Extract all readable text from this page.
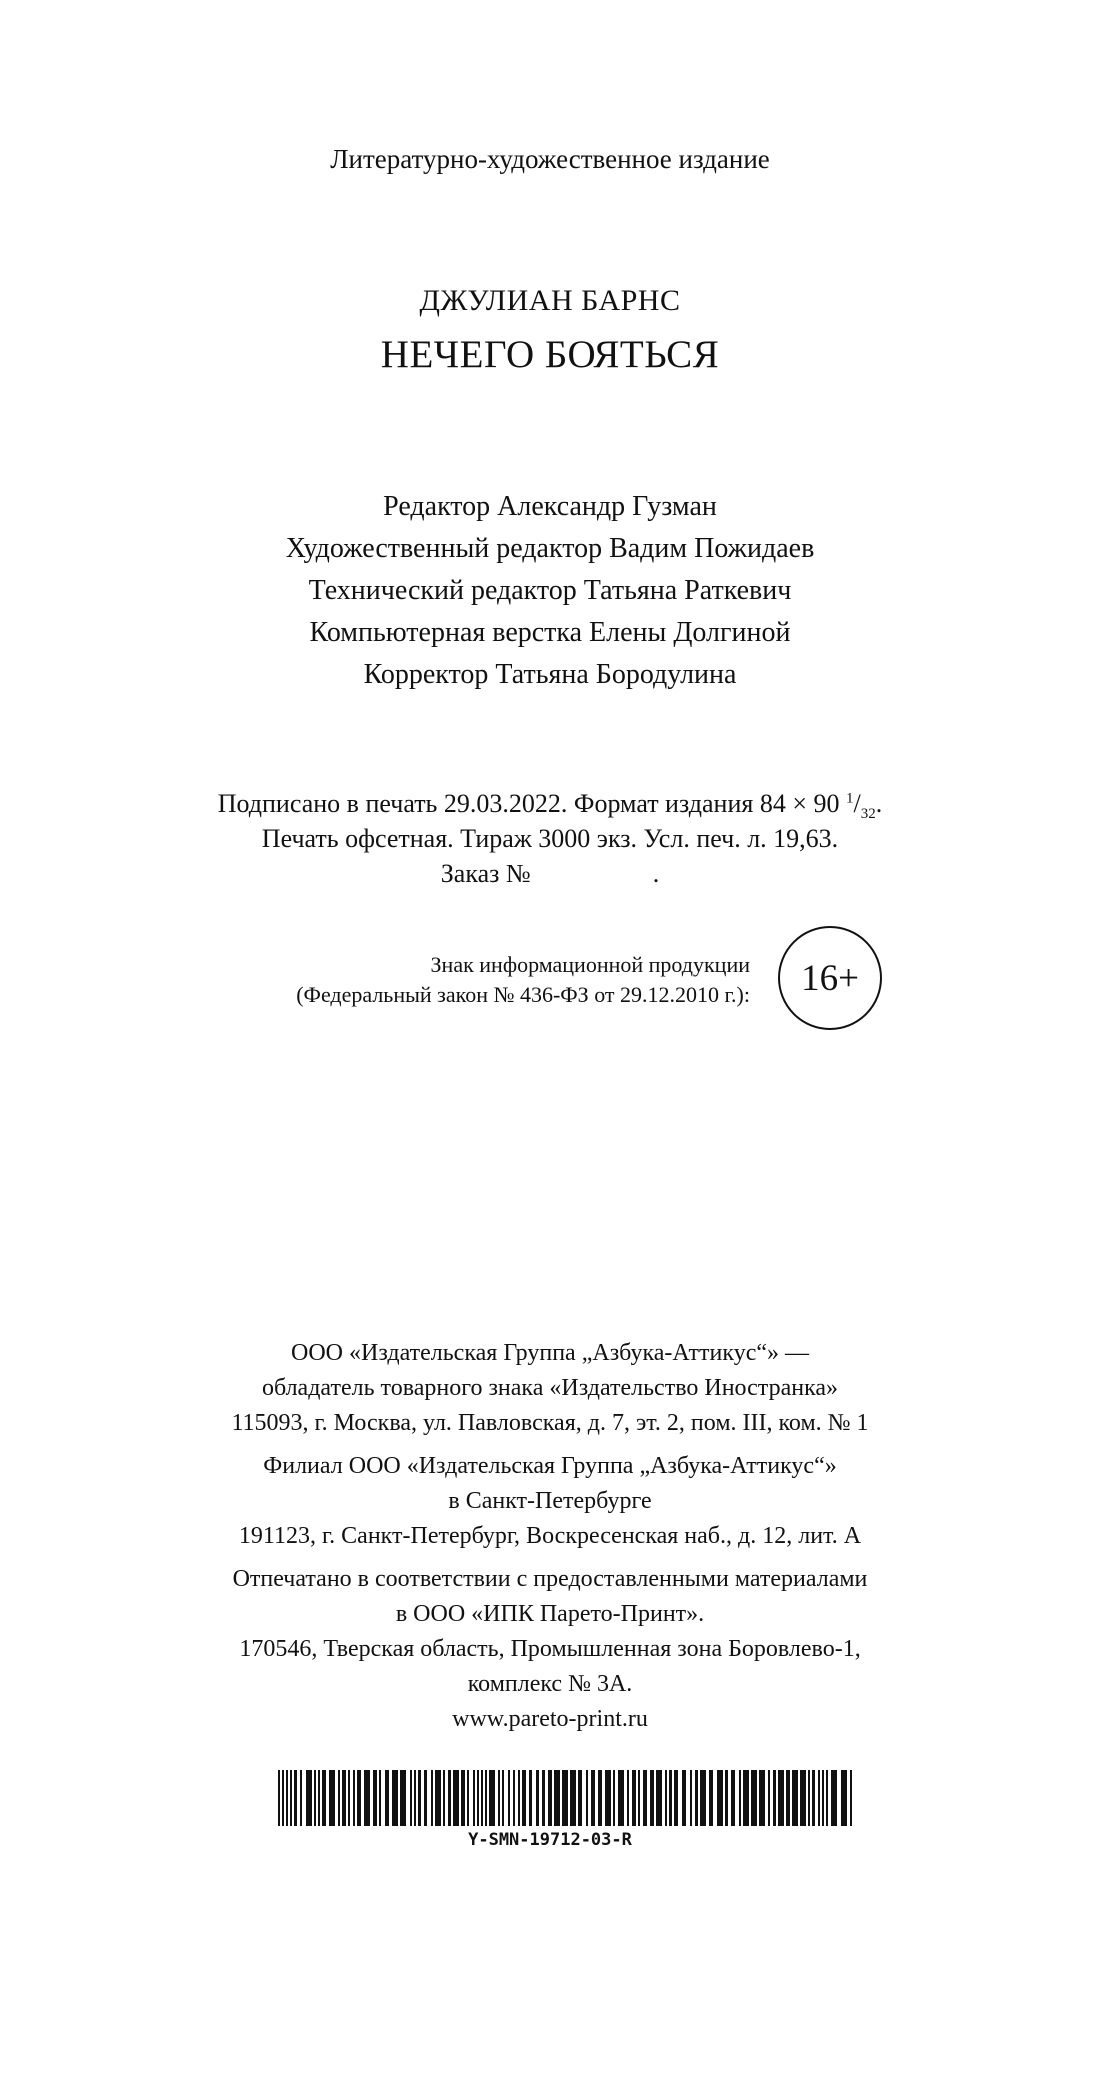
Литературно-художественное издание
ДЖУЛИАН БАРНС
НЕЧЕГО БОЯТЬСЯ
Редактор Александр Гузман
Художественный редактор Вадим Пожидаев
Технический редактор Татьяна Раткевич
Компьютерная верстка Елены Долгиной
Корректор Татьяна Бородулина
Подписано в печать 29.03.2022. Формат издания 84 × 90 $^1/_{32}$.
Печать офсетная. Тираж 3000 экз. Усл. печ. л. 19,63.
Заказ №	.
Знак информационной продукции
(Федеральный закон № 436-ФЗ от 29.12.2010 г.): 16+
ООО «Издательская Группа „Азбука-Аттикус“» —
обладатель товарного знака «Издательство Иностранка»
115093, г. Москва, ул. Павловская, д. 7, эт. 2, пом. III, ком. № 1
Филиал ООО «Издательская Группа „Азбука-Аттикус“»
в Санкт-Петербурге
191123, г. Санкт-Петербург, Воскресенская наб., д. 12, лит. А
Отпечатано в соответствии с предоставленными материалами
в ООО «ИПК Парето-Принт».
170546, Тверская область, Промышленная зона Боровлево-1,
комплекс № 3А.
www.pareto-print.ru
Y-SMN-19712-03-R
